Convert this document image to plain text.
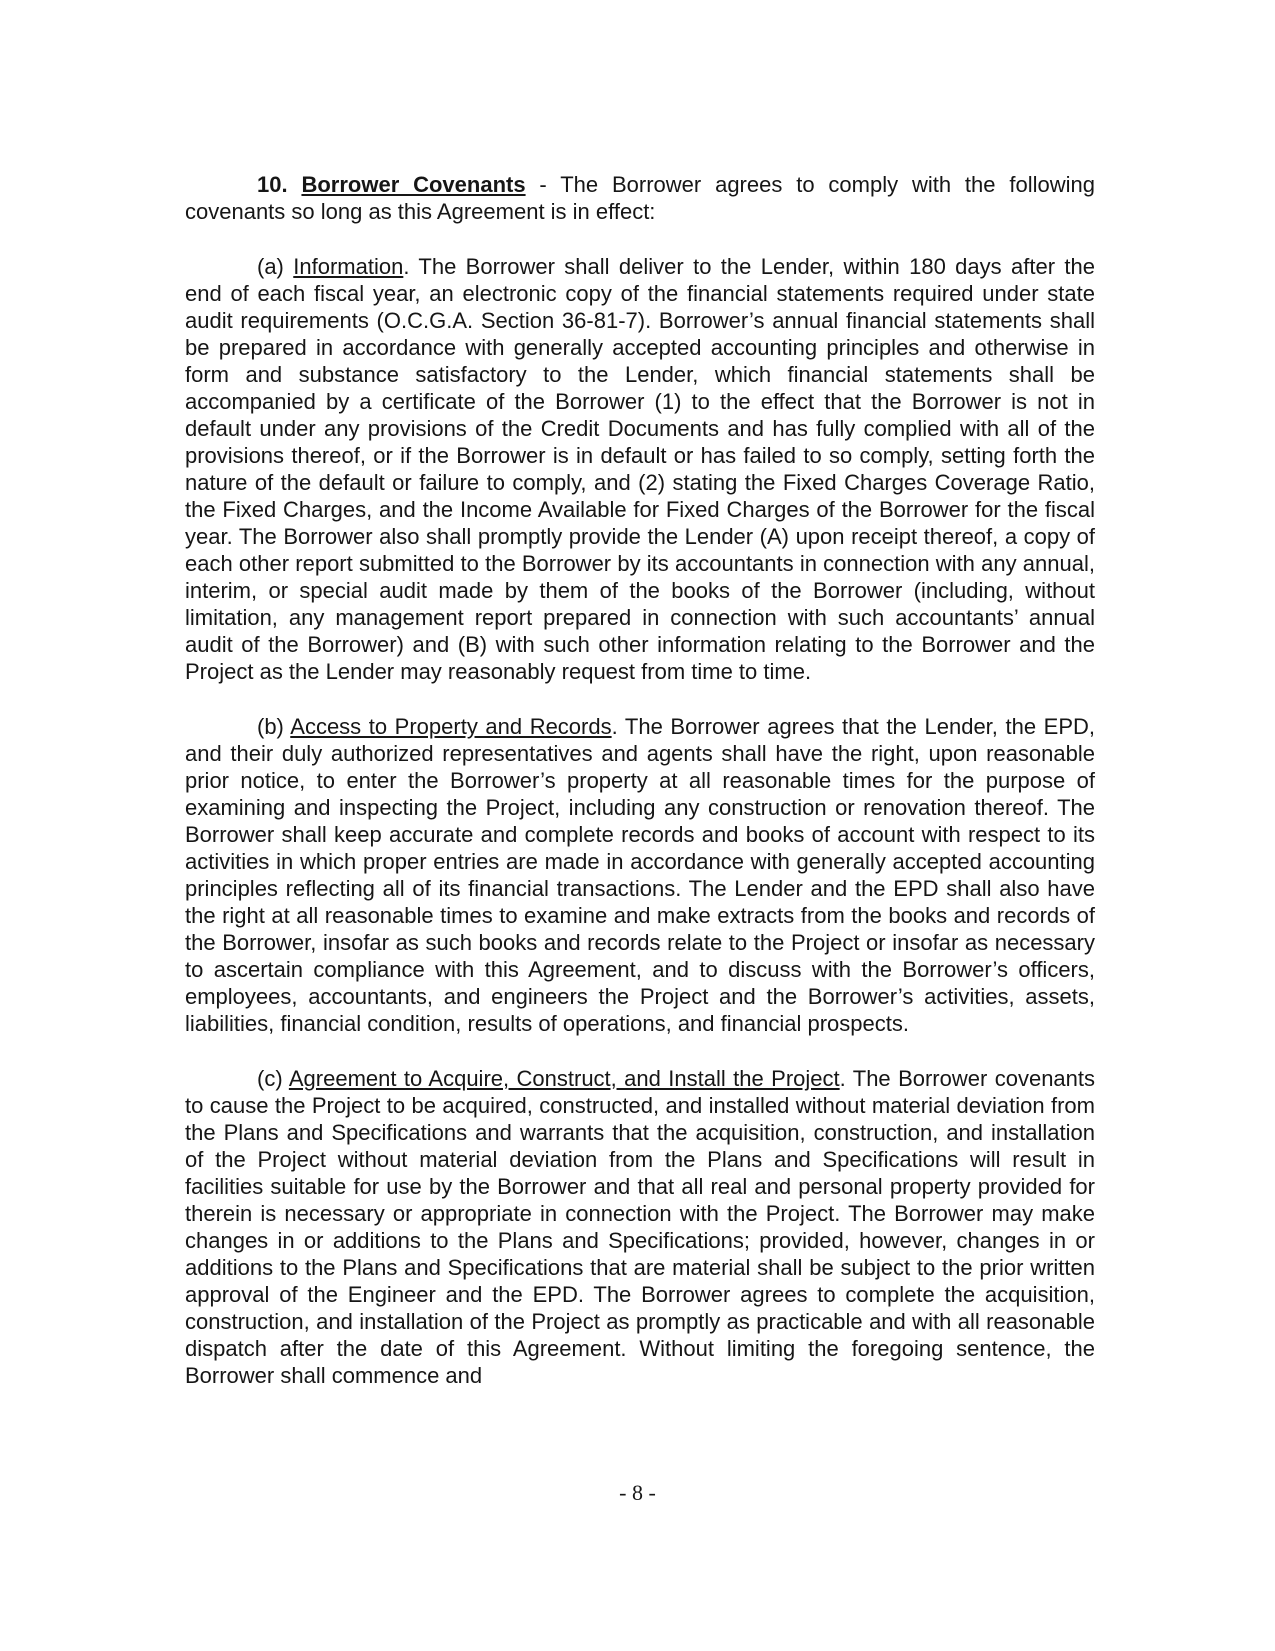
10. Borrower Covenants - The Borrower agrees to comply with the following covenants so long as this Agreement is in effect:

(a) Information. The Borrower shall deliver to the Lender, within 180 days after the end of each fiscal year, an electronic copy of the financial statements required under state audit requirements (O.C.G.A. Section 36-81-7). Borrower’s annual financial statements shall be prepared in accordance with generally accepted accounting principles and otherwise in form and substance satisfactory to the Lender, which financial statements shall be accompanied by a certificate of the Borrower (1) to the effect that the Borrower is not in default under any provisions of the Credit Documents and has fully complied with all of the provisions thereof, or if the Borrower is in default or has failed to so comply, setting forth the nature of the default or failure to comply, and (2) stating the Fixed Charges Coverage Ratio, the Fixed Charges, and the Income Available for Fixed Charges of the Borrower for the fiscal year. The Borrower also shall promptly provide the Lender (A) upon receipt thereof, a copy of each other report submitted to the Borrower by its accountants in connection with any annual, interim, or special audit made by them of the books of the Borrower (including, without limitation, any management report prepared in connection with such accountants’ annual audit of the Borrower) and (B) with such other information relating to the Borrower and the Project as the Lender may reasonably request from time to time.

(b) Access to Property and Records. The Borrower agrees that the Lender, the EPD, and their duly authorized representatives and agents shall have the right, upon reasonable prior notice, to enter the Borrower’s property at all reasonable times for the purpose of examining and inspecting the Project, including any construction or renovation thereof. The Borrower shall keep accurate and complete records and books of account with respect to its activities in which proper entries are made in accordance with generally accepted accounting principles reflecting all of its financial transactions. The Lender and the EPD shall also have the right at all reasonable times to examine and make extracts from the books and records of the Borrower, insofar as such books and records relate to the Project or insofar as necessary to ascertain compliance with this Agreement, and to discuss with the Borrower’s officers, employees, accountants, and engineers the Project and the Borrower’s activities, assets, liabilities, financial condition, results of operations, and financial prospects.

(c) Agreement to Acquire, Construct, and Install the Project. The Borrower covenants to cause the Project to be acquired, constructed, and installed without material deviation from the Plans and Specifications and warrants that the acquisition, construction, and installation of the Project without material deviation from the Plans and Specifications will result in facilities suitable for use by the Borrower and that all real and personal property provided for therein is necessary or appropriate in connection with the Project. The Borrower may make changes in or additions to the Plans and Specifications; provided, however, changes in or additions to the Plans and Specifications that are material shall be subject to the prior written approval of the Engineer and the EPD. The Borrower agrees to complete the acquisition, construction, and installation of the Project as promptly as practicable and with all reasonable dispatch after the date of this Agreement. Without limiting the foregoing sentence, the Borrower shall commence and

- 8 -
